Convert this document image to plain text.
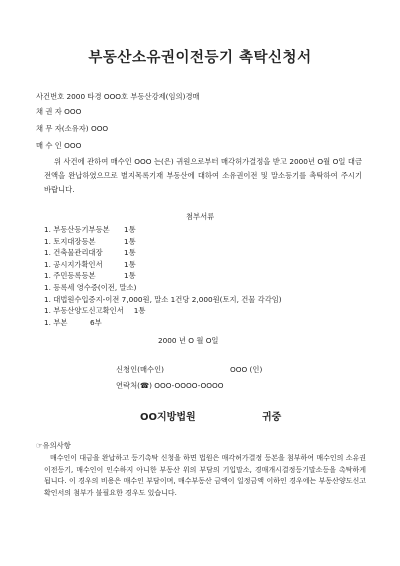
부동산소유권이전등기 촉탁신청서
사건번호 2000 타경 OOO호 부동산강제(임의)경매
채 권 자 OOO
채 무 자(소유자) OOO
매 수 인 OOO
위 사건에 관하여 매수인 OOO 는(은) 귀원으로부터 매각허가결정을 받고 2000년 O월 O일 대금전액을 완납하였으므로 별지목록기재 부동산에 대하여 소유권이전 및 말소등기를 촉탁하여 주시기 바랍니다.
첨부서류
1. 부동산등기부등본 1통
1. 토지대장등본	1통
1. 건축물관리대장	1통
1. 공시지가확인서	1통
1. 주민등록등본	1통
1. 등록세 영수증(이전, 말소)
1. 대법원수입증지-이전 7,000원, 말소 1건당 2,000원(토지, 건물 각각임)
1. 부동산양도신고확인서 1통
1. 부본	6부
2000 년 O 월 O일
신청인(매수인)	OOO (인)
연락처(☎) OOO-OOOO-OOOO
OO지방법원	귀중
☞유의사항
매수인이 대금을 완납하고 등기촉탁 신청을 하면 법원은 매각허가결정 등본을 첨부하여 매수인의 소유권이전등기, 매수인이 인수하지 아니한 부동산 위의 부담의 기입말소, 경매개시결정등기말소등을 촉탁하게 됩니다. 이 경우의 비용은 매수인 부담이며, 매수부동산 금액이 일정금액 이하인 경우에는 부동산양도신고확인서의 첨부가 불필요한 경우도 있습니다.
